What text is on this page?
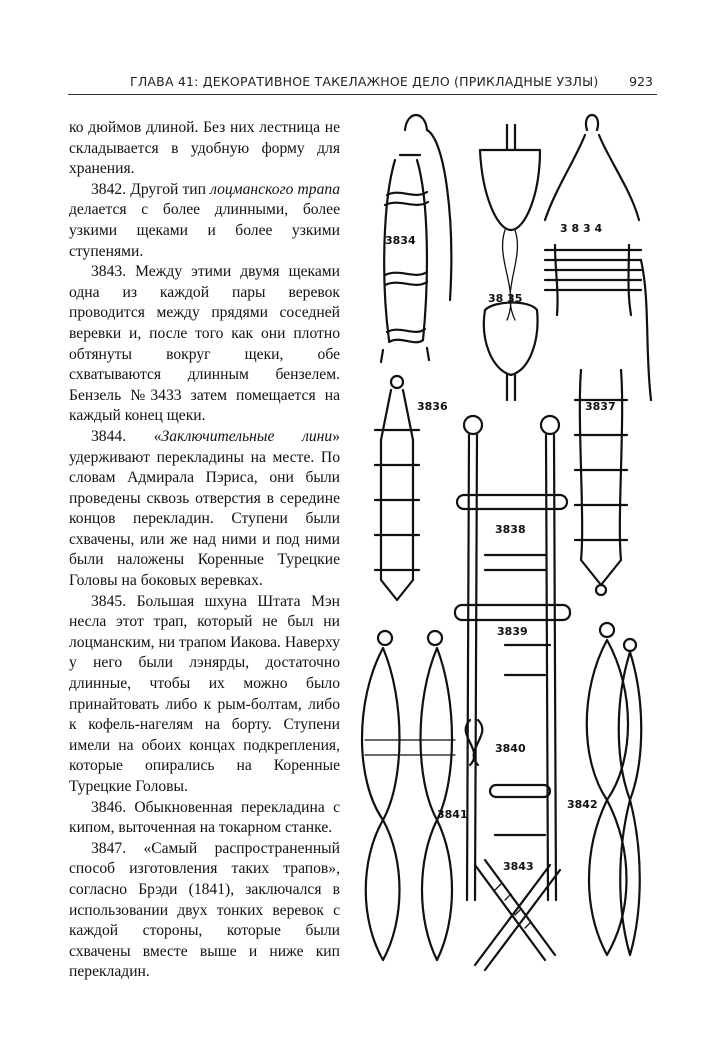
ГЛАВА 41: ДЕКОРАТИВНОЕ ТАКЕЛАЖНОЕ ДЕЛО (ПРИКЛАДНЫЕ УЗЛЫ) 923

ко дюймов длиной. Без них лестница не складывается в удобную форму для хранения.

3842. Другой тип лоцманского трапа делается с более длинными, более узкими щеками и более узкими ступенями.

3843. Между этими двумя щеками одна из каждой пары веревок проводится между прядями соседней веревки и, после того как они плотно обтянуты вокруг щеки, обе схватываются длинным бензелем. Бензель №3433 затем помещается на каждый конец щеки.

3844. «Заключительные лини» удерживают перекладины на месте. По словам Адмирала Пэриса, они были проведены сквозь отверстия в середине концов перекладин. Ступени были схвачены, или же над ними и под ними были наложены Коренные Турецкие Головы на боковых веревках.

3845. Большая шхуна Штата Мэн несла этот трап, который не был ни лоцманским, ни трапом Иакова. Наверху у него были лэнярды, достаточно длинные, чтобы их можно было принайтовать либо к рым-болтам, либо к кофель-нагелям на борту. Ступени имели на обоих концах подкрепления, которые опирались на Коренные Турецкие Головы.

3846. Обыкновенная перекладина с кипом, выточенная на токарном станке.

3847. «Самый распространенный способ изготовления таких трапов», согласно Брэди (1841), заключался в использовании двух тонких веревок с каждой стороны, которые были схвачены вместе выше и ниже кип перекладин.

3834
38 35
3 8 3 4
3836	3837
3838
3839
3840
3841
3842
3843
